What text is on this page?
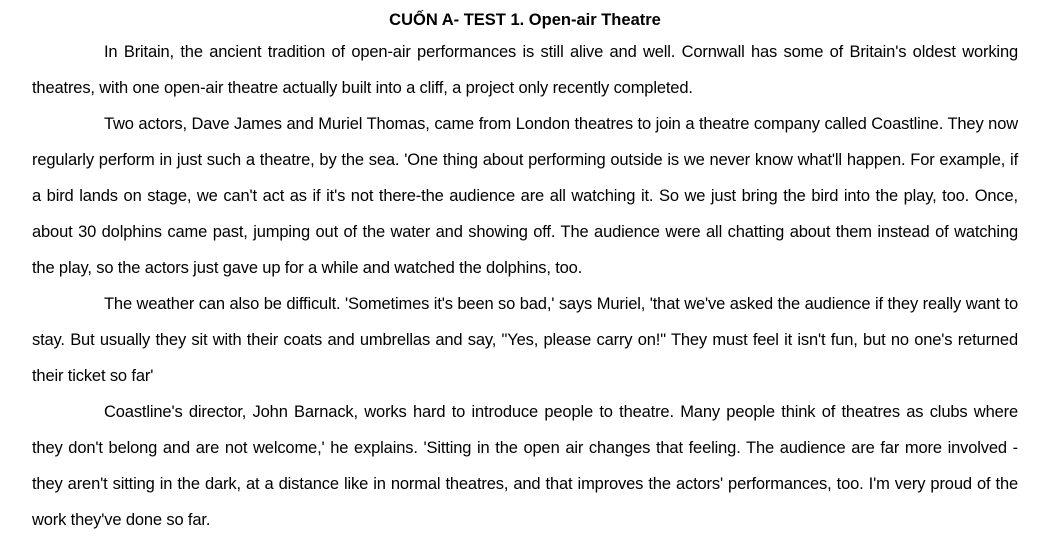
CUỐN A- TEST 1. Open-air Theatre

In Britain, the ancient tradition of open-air performances is still alive and well. Cornwall has some of Britain's oldest working theatres, with one open-air theatre actually built into a cliff, a project only recently completed.

Two actors, Dave James and Muriel Thomas, came from London theatres to join a theatre company called Coastline. They now regularly perform in just such a theatre, by the sea. 'One thing about performing outside is we never know what'll happen. For example, if a bird lands on stage, we can't act as if it's not there-the audience are all watching it. So we just bring the bird into the play, too. Once, about 30 dolphins came past, jumping out of the water and showing off. The audience were all chatting about them instead of watching the play, so the actors just gave up for a while and watched the dolphins, too.

The weather can also be difficult. 'Sometimes it's been so bad,' says Muriel, 'that we've asked the audience if they really want to stay. But usually they sit with their coats and umbrellas and say, "Yes, please carry on!" They must feel it isn't fun, but no one's returned their ticket so far'

Coastline's director, John Barnack, works hard to introduce people to theatre. Many people think of theatres as clubs where they don't belong and are not welcome,' he explains. 'Sitting in the open air changes that feeling. The audience are far more involved - they aren't sitting in the dark, at a distance like in normal theatres, and that improves the actors' performances, too. I'm very proud of the work they've done so far.
